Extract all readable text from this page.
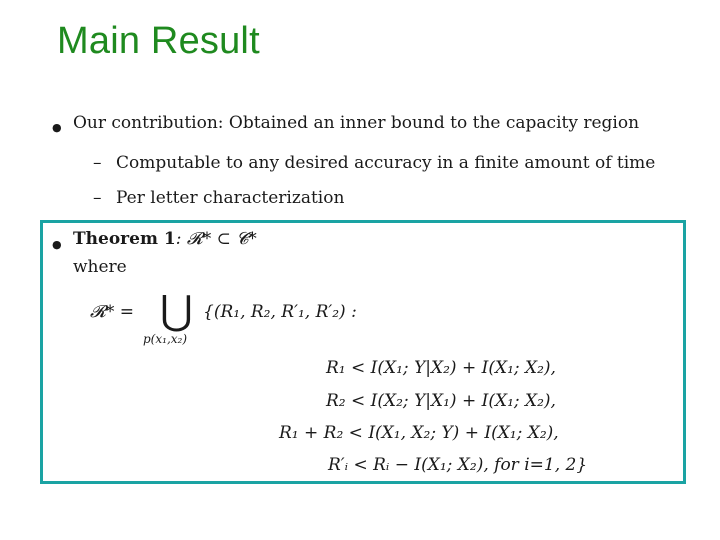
Main Result
● Our contribution: Obtained an inner bound to the capacity region
– Computable to any desired accuracy in a finite amount of time
– Per letter characterization
● Theorem 1: 𝓡* ⊂ 𝓒*
where
𝓡* = ⋃
p(x₁,x₂)
{(R₁, R₂, R′₁, R′₂) :
R₁ < I(X₁; Y|X₂) + I(X₁; X₂),
R₂ < I(X₂; Y|X₁) + I(X₁; X₂),
R₁ + R₂ < I(X₁, X₂; Y) + I(X₁; X₂),
R′ᵢ < Rᵢ − I(X₁; X₂), for i=1, 2}
